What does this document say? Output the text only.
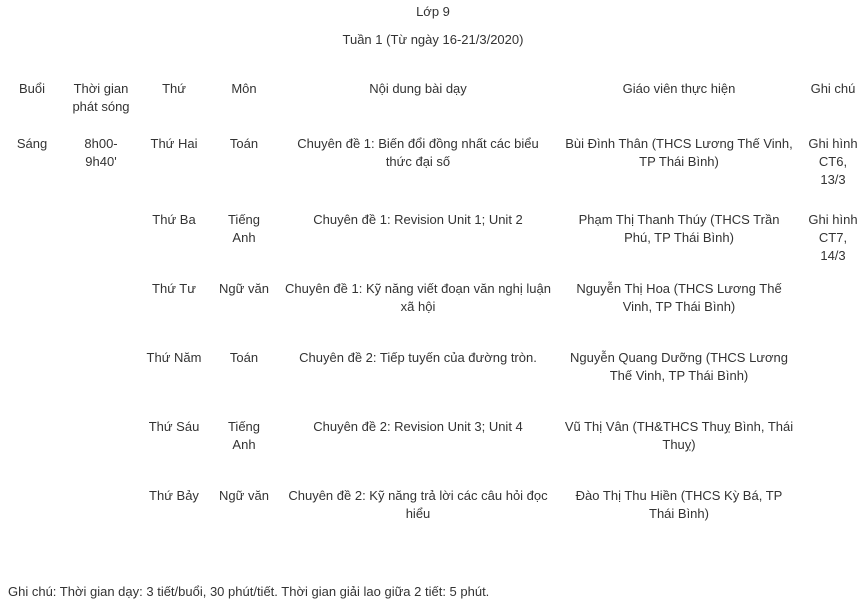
Lớp 9
Tuần 1 (Từ ngày 16-21/3/2020)
Buổi	Thời gian phát sóng	Thứ	Môn	Nội dung bài dạy	Giáo viên thực hiện	Ghi chú
Sáng	8h00-9h40'	Thứ Hai	Toán	Chuyên đề 1: Biến đổi đồng nhất các biểu thức đại số	Bùi Đình Thân (THCS Lương Thế Vinh, TP Thái Bình)	Ghi hình CT6, 13/3
		Thứ Ba	Tiếng Anh	Chuyên đề 1: Revision Unit 1; Unit 2	Phạm Thị Thanh Thúy (THCS Trần Phú, TP Thái Bình)	Ghi hình CT7, 14/3
		Thứ Tư	Ngữ văn	Chuyên đề 1: Kỹ năng viết đoạn văn nghị luận xã hội	Nguyễn Thị Hoa (THCS Lương Thế Vinh, TP Thái Bình)	
		Thứ Năm	Toán	Chuyên đề 2: Tiếp tuyến của đường tròn.	Nguyễn Quang Dưỡng (THCS Lương Thế Vinh, TP Thái Bình)	
		Thứ Sáu	Tiếng Anh	Chuyên đề 2: Revision Unit 3; Unit 4	Vũ Thị Vân (TH&THCS Thuỵ Bình, Thái Thuỵ)	
		Thứ Bảy	Ngữ văn	Chuyên đề 2: Kỹ năng trả lời các câu hỏi đọc hiểu	Đào Thị Thu Hiền (THCS Kỳ Bá, TP Thái Bình)	
Ghi chú: Thời gian dạy: 3 tiết/buổi, 30 phút/tiết. Thời gian giải lao giữa 2 tiết: 5 phút.
